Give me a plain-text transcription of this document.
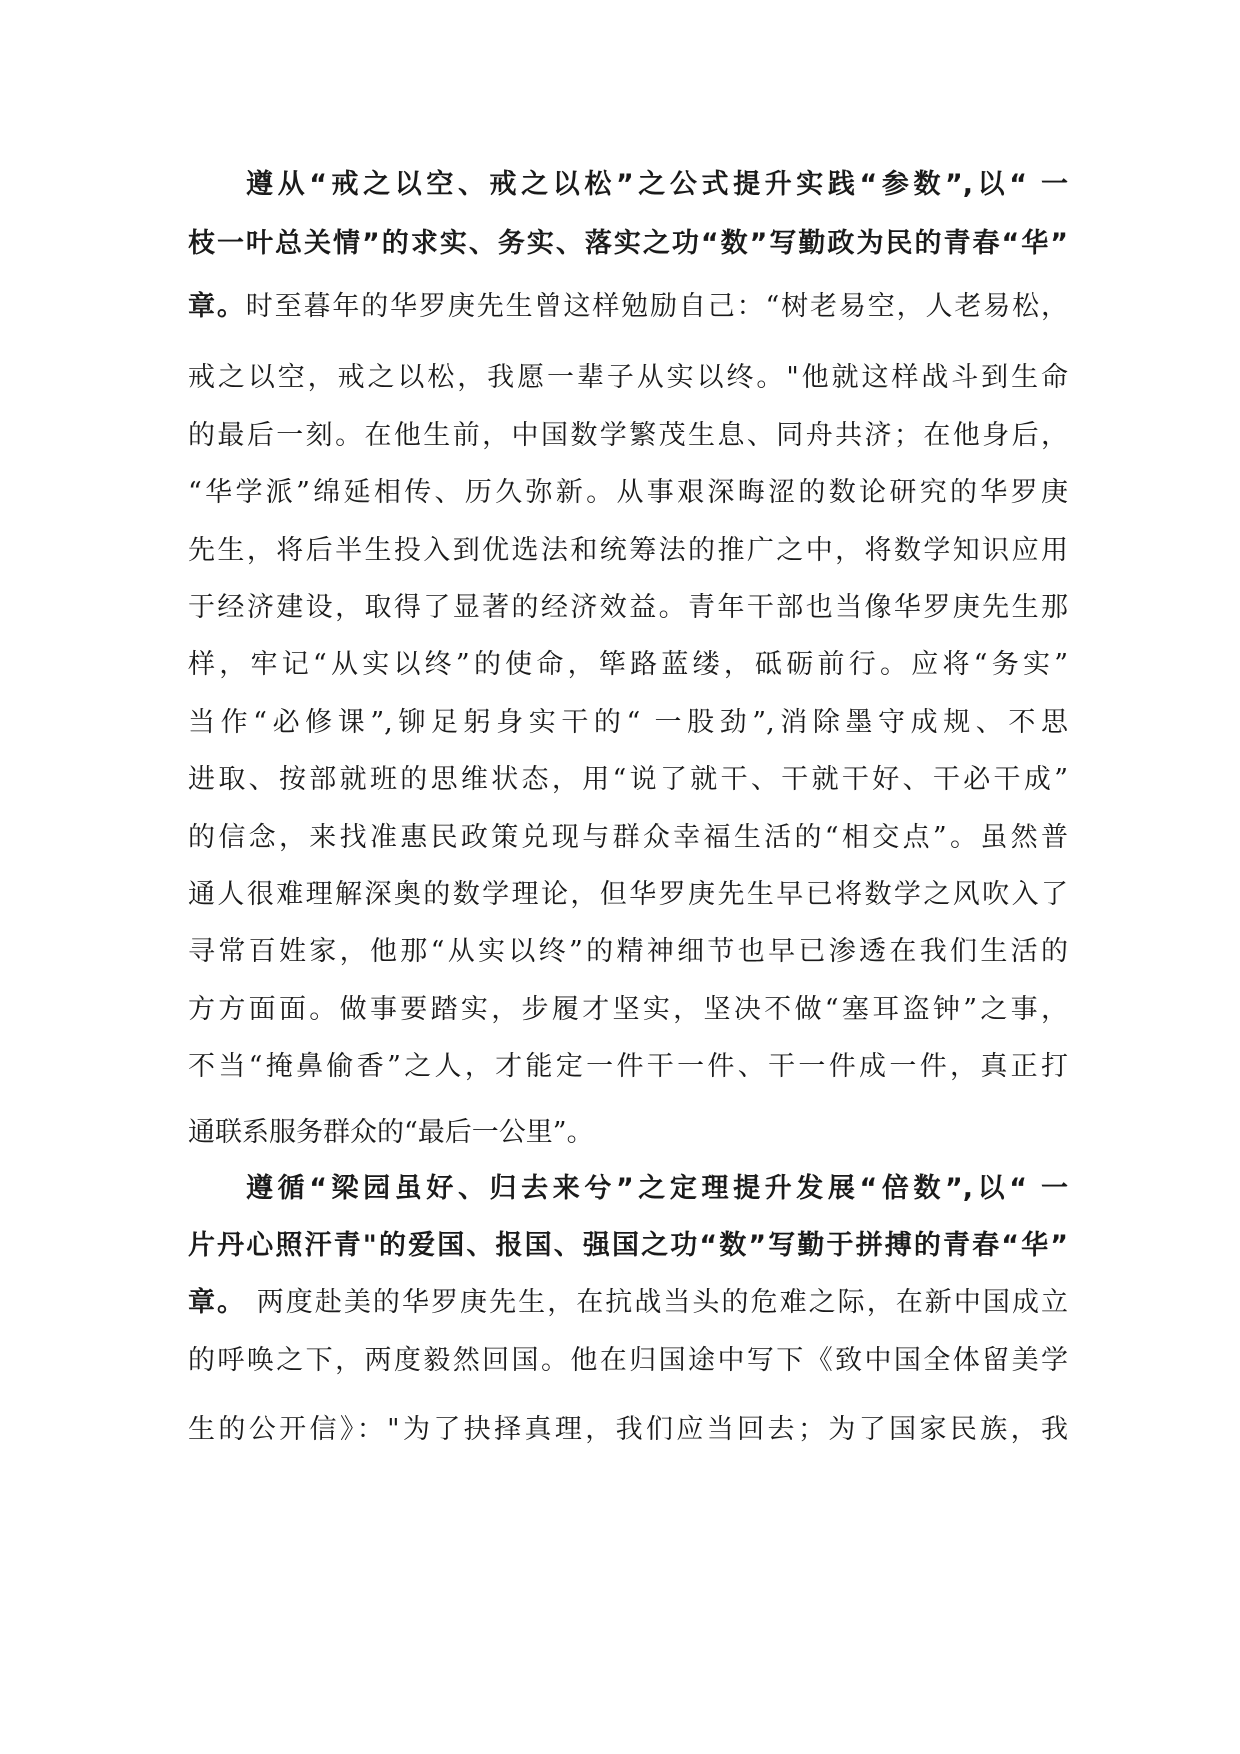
遵从“戒之以空、戒之以松”之公式提升实践“参数”,以“ 一
枝一叶总关情”的求实、务实、落实之功“数”写勤政为民的青春“华”
章。时至暮年的华罗庚先生曾这样勉励自己：“树老易空，人老易松，
戒之以空，戒之以松，我愿一辈子从实以终。"他就这样战斗到生命
的最后一刻。在他生前，中国数学繁茂生息、同舟共济；在他身后，
“华学派”绵延相传、历久弥新。从事艰深晦涩的数论研究的华罗庚
先生，将后半生投入到优选法和统筹法的推广之中，将数学知识应用
于经济建设，取得了显著的经济效益。青年干部也当像华罗庚先生那
样，牢记“从实以终”的使命，筚路蓝缕，砥砺前行。应将“务实”
当作“必修课”,铆足躬身实干的“ 一股劲”,消除墨守成规、不思
进取、按部就班的思维状态，用“说了就干、干就干好、干必干成”
的信念，来找准惠民政策兑现与群众幸福生活的“相交点”。虽然普
通人很难理解深奥的数学理论，但华罗庚先生早已将数学之风吹入了
寻常百姓家，他那“从实以终”的精神细节也早已渗透在我们生活的
方方面面。做事要踏实，步履才坚实，坚决不做“塞耳盗钟”之事，
不当“掩鼻偷香”之人，才能定一件干一件、干一件成一件，真正打
通联系服务群众的“最后一公里”。
遵循“梁园虽好、归去来兮”之定理提升发展“倍数”,以“ 一
片丹心照汗青"的爱国、报国、强国之功“数”写勤于拼搏的青春“华”
章。 两度赴美的华罗庚先生，在抗战当头的危难之际，在新中国成立
的呼唤之下，两度毅然回国。他在归国途中写下《致中国全体留美学
生的公开信》："为了抉择真理，我们应当回去；为了国家民族，我
